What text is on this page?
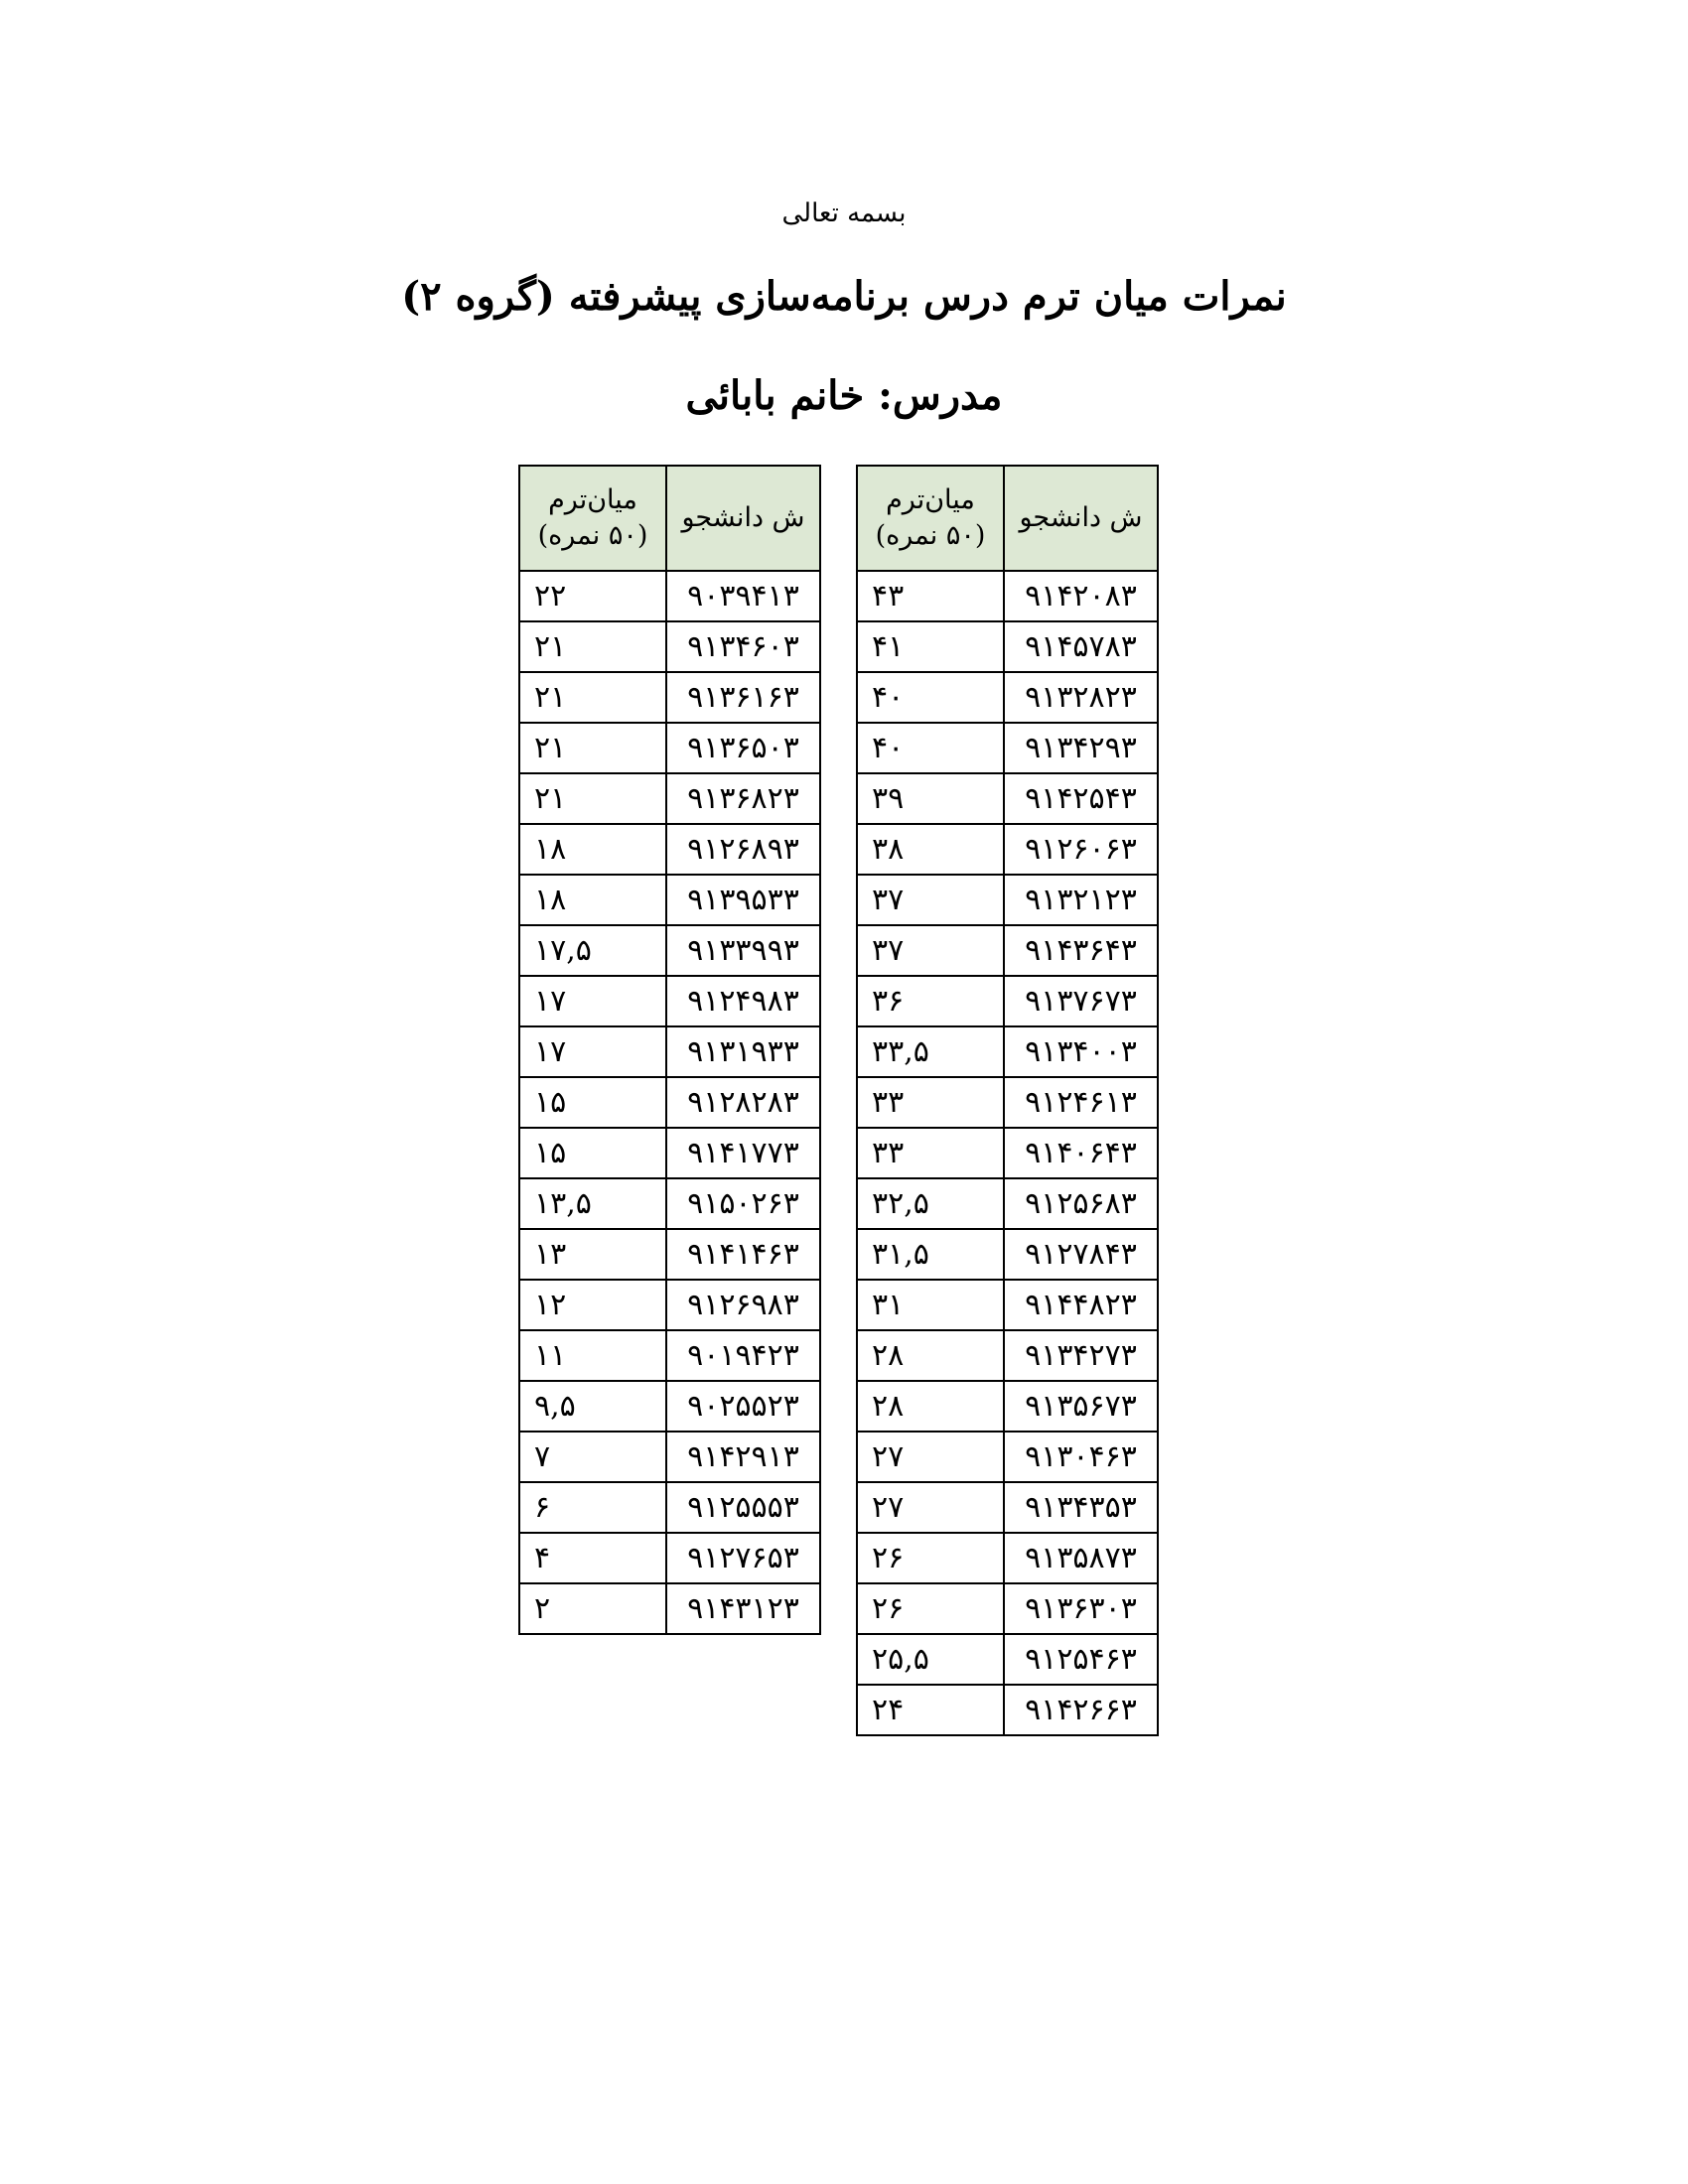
بسمه تعالی
نمرات میان ترم درس برنامه‌سازی پیشرفته (گروه ۲)
مدرس: خانم بابائی
ش دانشجو	میان‌ترم
(۵۰ نمره)
۹۱۴۲۰۸۳	۴۳
۹۱۴۵۷۸۳	۴۱
۹۱۳۲۸۲۳	۴۰
۹۱۳۴۲۹۳	۴۰
۹۱۴۲۵۴۳	۳۹
۹۱۲۶۰۶۳	۳۸
۹۱۳۲۱۲۳	۳۷
۹۱۴۳۶۴۳	۳۷
۹۱۳۷۶۷۳	۳۶
۹۱۳۴۰۰۳	۳۳,۵
۹۱۲۴۶۱۳	۳۳
۹۱۴۰۶۴۳	۳۳
۹۱۲۵۶۸۳	۳۲,۵
۹۱۲۷۸۴۳	۳۱,۵
۹۱۴۴۸۲۳	۳۱
۹۱۳۴۲۷۳	۲۸
۹۱۳۵۶۷۳	۲۸
۹۱۳۰۴۶۳	۲۷
۹۱۳۴۳۵۳	۲۷
۹۱۳۵۸۷۳	۲۶
۹۱۳۶۳۰۳	۲۶
۹۱۲۵۴۶۳	۲۵,۵
۹۱۴۲۶۶۳	۲۴
ش دانشجو	میان‌ترم
(۵۰ نمره)
۹۰۳۹۴۱۳	۲۲
۹۱۳۴۶۰۳	۲۱
۹۱۳۶۱۶۳	۲۱
۹۱۳۶۵۰۳	۲۱
۹۱۳۶۸۲۳	۲۱
۹۱۲۶۸۹۳	۱۸
۹۱۳۹۵۳۳	۱۸
۹۱۳۳۹۹۳	۱۷,۵
۹۱۲۴۹۸۳	۱۷
۹۱۳۱۹۳۳	۱۷
۹۱۲۸۲۸۳	۱۵
۹۱۴۱۷۷۳	۱۵
۹۱۵۰۲۶۳	۱۳,۵
۹۱۴۱۴۶۳	۱۳
۹۱۲۶۹۸۳	۱۲
۹۰۱۹۴۲۳	۱۱
۹۰۲۵۵۲۳	۹,۵
۹۱۴۲۹۱۳	۷
۹۱۲۵۵۵۳	۶
۹۱۲۷۶۵۳	۴
۹۱۴۳۱۲۳	۲
